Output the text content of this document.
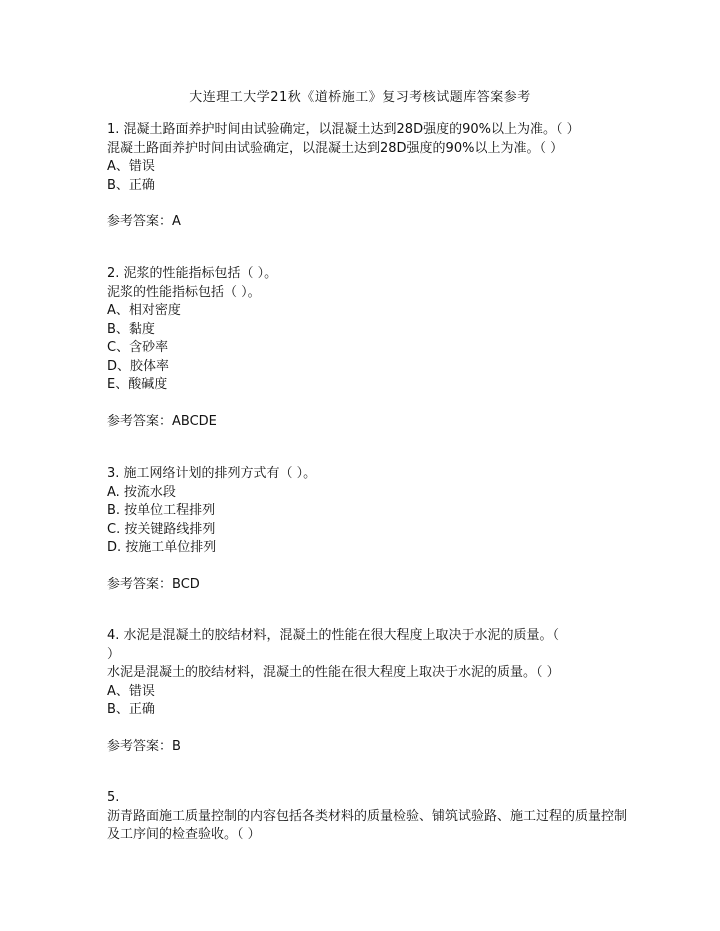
大连理工大学21秋《道桥施工》复习考核试题库答案参考
1. 混凝土路面养护时间由试验确定，以混凝土达到28D强度的90%以上为准。（ ）
混凝土路面养护时间由试验确定，以混凝土达到28D强度的90%以上为准。（ ）
A、错误
B、正确
参考答案：A
2. 泥浆的性能指标包括（ ）。
泥浆的性能指标包括（ ）。
A、相对密度
B、黏度
C、含砂率
D、胶体率
E、酸碱度
参考答案：ABCDE
3. 施工网络计划的排列方式有（ ）。
A. 按流水段
B. 按单位工程排列
C. 按关键路线排列
D. 按施工单位排列
参考答案：BCD
4. 水泥是混凝土的胶结材料，混凝土的性能在很大程度上取决于水泥的质量。（
）
水泥是混凝土的胶结材料，混凝土的性能在很大程度上取决于水泥的质量。（ ）
A、错误
B、正确
参考答案：B
5.
沥青路面施工质量控制的内容包括各类材料的质量检验、铺筑试验路、施工过程的质量控制及工序间的检查验收。（ ）
